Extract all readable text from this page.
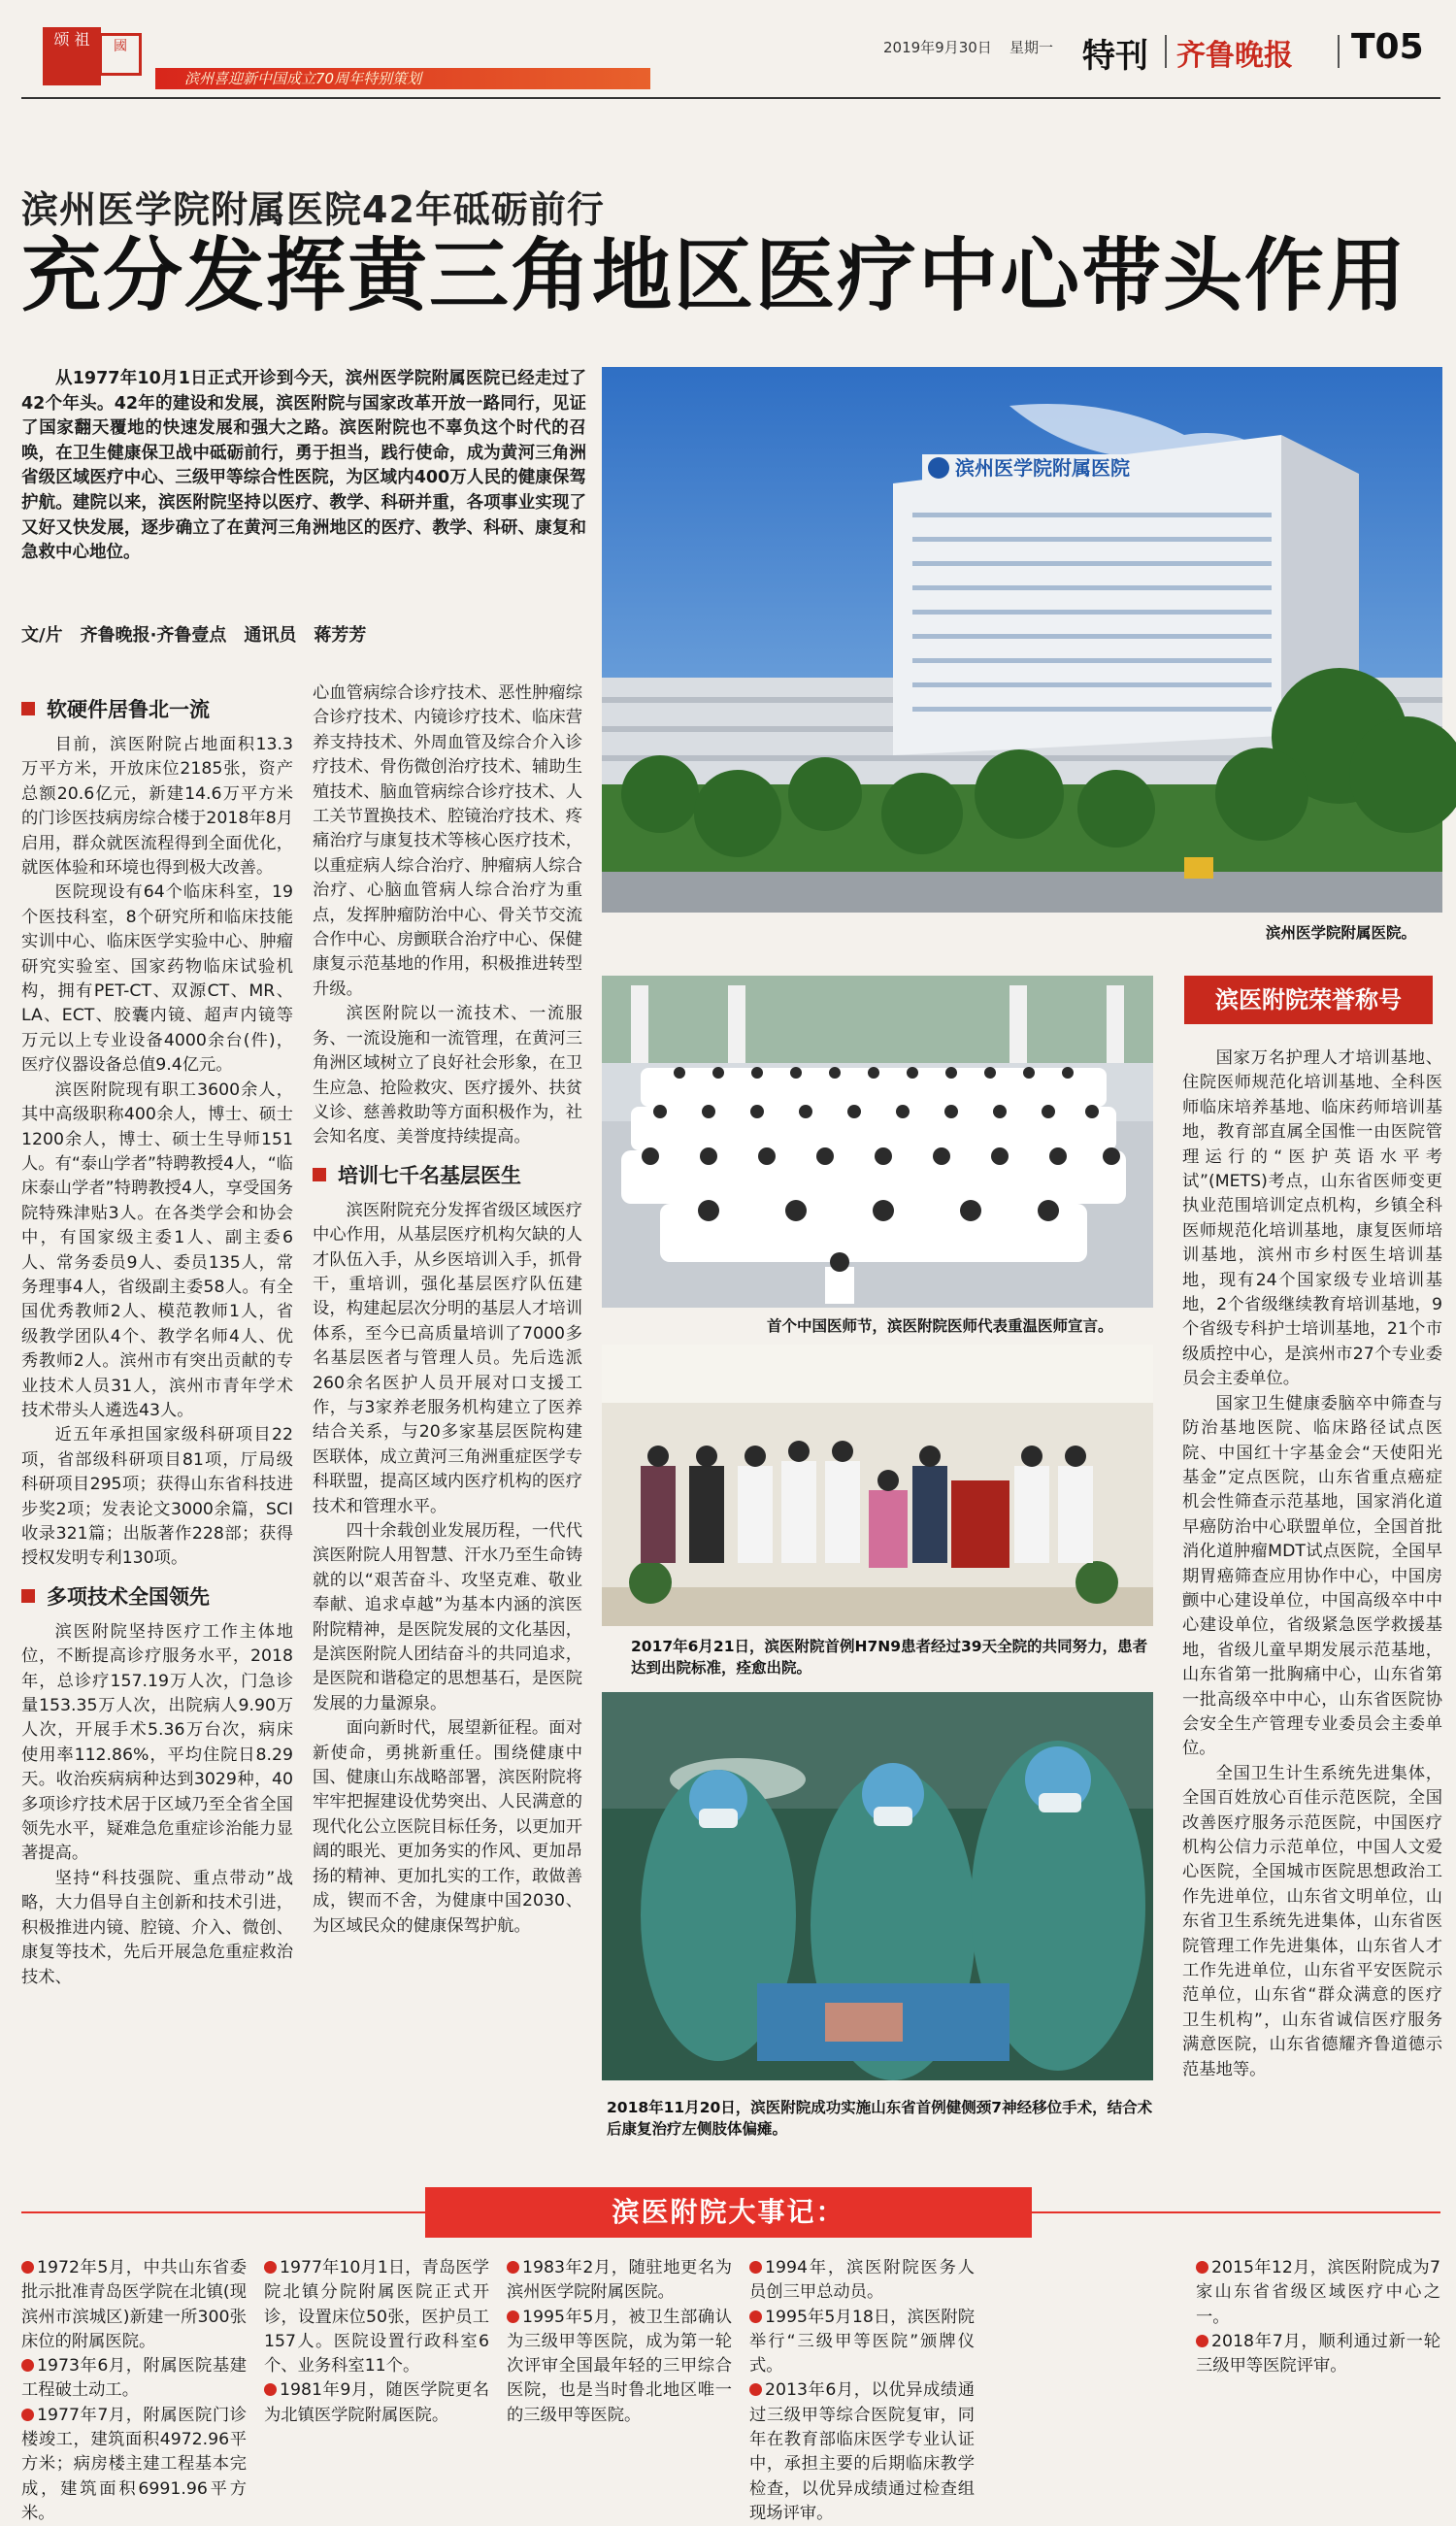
颂 祖	國
滨州喜迎新中国成立70周年特别策划
2019年9月30日 星期一 特刊 齐鲁晚报 T05
滨州医学院附属医院42年砥砺前行
充分发挥黄三角地区医疗中心带头作用

从1977年10月1日正式开诊到今天，滨州医学院附属医院已经走过了42个年头。42年的建设和发展，滨医附院与国家改革开放一路同行，见证了国家翻天覆地的快速发展和强大之路。滨医附院也不辜负这个时代的召唤，在卫生健康保卫战中砥砺前行，勇于担当，践行使命，成为黄河三角洲省级区域医疗中心、三级甲等综合性医院，为区域内400万人民的健康保驾护航。建院以来，滨医附院坚持以医疗、教学、科研并重，各项事业实现了又好又快发展，逐步确立了在黄河三角洲地区的医疗、教学、科研、康复和急救中心地位。

文/片　齐鲁晚报·齐鲁壹点　通讯员　蒋芳芳
软硬件居鲁北一流

目前，滨医附院占地面积13.3万平方米，开放床位2185张，资产总额20.6亿元，新建14.6万平方米的门诊医技病房综合楼于2018年8月启用，群众就医流程得到全面优化，就医体验和环境也得到极大改善。

医院现设有64个临床科室，19个医技科室，8个研究所和临床技能实训中心、临床医学实验中心、肿瘤研究实验室、国家药物临床试验机构，拥有PET-CT、双源CT、MR、LA、ECT、胶囊内镜、超声内镜等万元以上专业设备4000余台(件)，医疗仪器设备总值9.4亿元。

滨医附院现有职工3600余人，其中高级职称400余人，博士、硕士1200余人，博士、硕士生导师151人。有“泰山学者”特聘教授4人，“临床泰山学者”特聘教授4人，享受国务院特殊津贴3人。在各类学会和协会中，有国家级主委1人、副主委6人、常务委员9人、委员135人，常务理事4人，省级副主委58人。有全国优秀教师2人、模范教师1人，省级教学团队4个、教学名师4人、优秀教师2人。滨州市有突出贡献的专业技术人员31人，滨州市青年学术技术带头人遴选43人。

近五年承担国家级科研项目22项，省部级科研项目81项，厅局级科研项目295项；获得山东省科技进步奖2项；发表论文3000余篇，SCI收录321篇；出版著作228部；获得授权发明专利130项。

多项技术全国领先

滨医附院坚持医疗工作主体地位，不断提高诊疗服务水平，2018年，总诊疗157.19万人次，门急诊量153.35万人次，出院病人9.90万人次，开展手术5.36万台次，病床使用率112.86%，平均住院日8.29天。收治疾病病种达到3029种，40多项诊疗技术居于区域乃至全省全国领先水平，疑难急危重症诊治能力显著提高。

坚持“科技强院、重点带动”战略，大力倡导自主创新和技术引进，积极推进内镜、腔镜、介入、微创、康复等技术，先后开展急危重症救治技术、

心血管病综合诊疗技术、恶性肿瘤综合诊疗技术、内镜诊疗技术、临床营养支持技术、外周血管及综合介入诊疗技术、骨伤微创治疗技术、辅助生殖技术、脑血管病综合诊疗技术、人工关节置换技术、腔镜治疗技术、疼痛治疗与康复技术等核心医疗技术，以重症病人综合治疗、肿瘤病人综合治疗、心脑血管病人综合治疗为重点，发挥肿瘤防治中心、骨关节交流合作中心、房颤联合治疗中心、保健康复示范基地的作用，积极推进转型升级。

滨医附院以一流技术、一流服务、一流设施和一流管理，在黄河三角洲区域树立了良好社会形象，在卫生应急、抢险救灾、医疗援外、扶贫义诊、慈善救助等方面积极作为，社会知名度、美誉度持续提高。

培训七千名基层医生

滨医附院充分发挥省级区域医疗中心作用，从基层医疗机构欠缺的人才队伍入手，从乡医培训入手，抓骨干，重培训，强化基层医疗队伍建设，构建起层次分明的基层人才培训体系，至今已高质量培训了7000多名基层医者与管理人员。先后选派260余名医护人员开展对口支援工作，与3家养老服务机构建立了医养结合关系，与20多家基层医院构建医联体，成立黄河三角洲重症医学专科联盟，提高区域内医疗机构的医疗技术和管理水平。

四十余载创业发展历程，一代代滨医附院人用智慧、汗水乃至生命铸就的以“艰苦奋斗、攻坚克难、敬业奉献、追求卓越”为基本内涵的滨医附院精神，是医院发展的文化基因，是滨医附院人团结奋斗的共同追求，是医院和谐稳定的思想基石，是医院发展的力量源泉。

面向新时代，展望新征程。面对新使命，勇挑新重任。围绕健康中国、健康山东战略部署，滨医附院将牢牢把握建设优势突出、人民满意的现代化公立医院目标任务，以更加开阔的眼光、更加务实的作风、更加昂扬的精神、更加扎实的工作，敢做善成，锲而不舍，为健康中国2030、为区域民众的健康保驾护航。

滨州医学院附属医院
滨州医学院附属医院。
首个中国医师节，滨医附院医师代表重温医师宣言。
2017年6月21日，滨医附院首例H7N9患者经过39天全院的共同努力，患者达到出院标准，痊愈出院。
2018年11月20日，滨医附院成功实施山东省首例健侧颈7神经移位手术，结合术后康复治疗左侧肢体偏瘫。
滨医附院荣誉称号

国家万名护理人才培训基地、住院医师规范化培训基地、全科医师临床培养基地、临床药师培训基地，教育部直属全国惟一由医院管理运行的“医护英语水平考试”(METS)考点，山东省医师变更执业范围培训定点机构，乡镇全科医师规范化培训基地，康复医师培训基地，滨州市乡村医生培训基地，现有24个国家级专业培训基地，2个省级继续教育培训基地，9个省级专科护士培训基地，21个市级质控中心，是滨州市27个专业委员会主委单位。

国家卫生健康委脑卒中筛查与防治基地医院、临床路径试点医院、中国红十字基金会“天使阳光基金”定点医院，山东省重点癌症机会性筛查示范基地，国家消化道早癌防治中心联盟单位，全国首批消化道肿瘤MDT试点医院，全国早期胃癌筛查应用协作中心，中国房颤中心建设单位，中国高级卒中中心建设单位，省级紧急医学救援基地，省级儿童早期发展示范基地，山东省第一批胸痛中心，山东省第一批高级卒中中心，山东省医院协会安全生产管理专业委员会主委单位。

全国卫生计生系统先进集体，全国百姓放心百佳示范医院，全国改善医疗服务示范医院，中国医疗机构公信力示范单位，中国人文爱心医院，全国城市医院思想政治工作先进单位，山东省文明单位，山东省卫生系统先进集体，山东省医院管理工作先进集体，山东省人才工作先进单位，山东省平安医院示范单位，山东省“群众满意的医疗卫生机构”，山东省诚信医疗服务满意医院，山东省德耀齐鲁道德示范基地等。

滨医附院大事记：

1972年5月，中共山东省委批示批准青岛医学院在北镇(现滨州市滨城区)新建一所300张床位的附属医院。

1973年6月，附属医院基建工程破土动工。

1977年7月，附属医院门诊楼竣工，建筑面积4972.96平方米；病房楼主建工程基本完成，建筑面积6991.96平方米。

1977年10月1日，青岛医学院北镇分院附属医院正式开诊，设置床位50张，医护员工157人。医院设置行政科室6个、业务科室11个。

1981年9月，随医学院更名为北镇医学院附属医院。

1983年2月，随驻地更名为滨州医学院附属医院。

1995年5月，被卫生部确认为三级甲等医院，成为第一轮次评审全国最年轻的三甲综合医院，也是当时鲁北地区唯一的三级甲等医院。

1994年，滨医附院医务人员创三甲总动员。

1995年5月18日，滨医附院举行“三级甲等医院”颁牌仪式。

2013年6月，以优异成绩通过三级甲等综合医院复审，同年在教育部临床医学专业认证中，承担主要的后期临床教学检查，以优异成绩通过检查组现场评审。

2015年12月，滨医附院成为7家山东省省级区域医疗中心之一。

2018年7月，顺利通过新一轮三级甲等医院评审。
